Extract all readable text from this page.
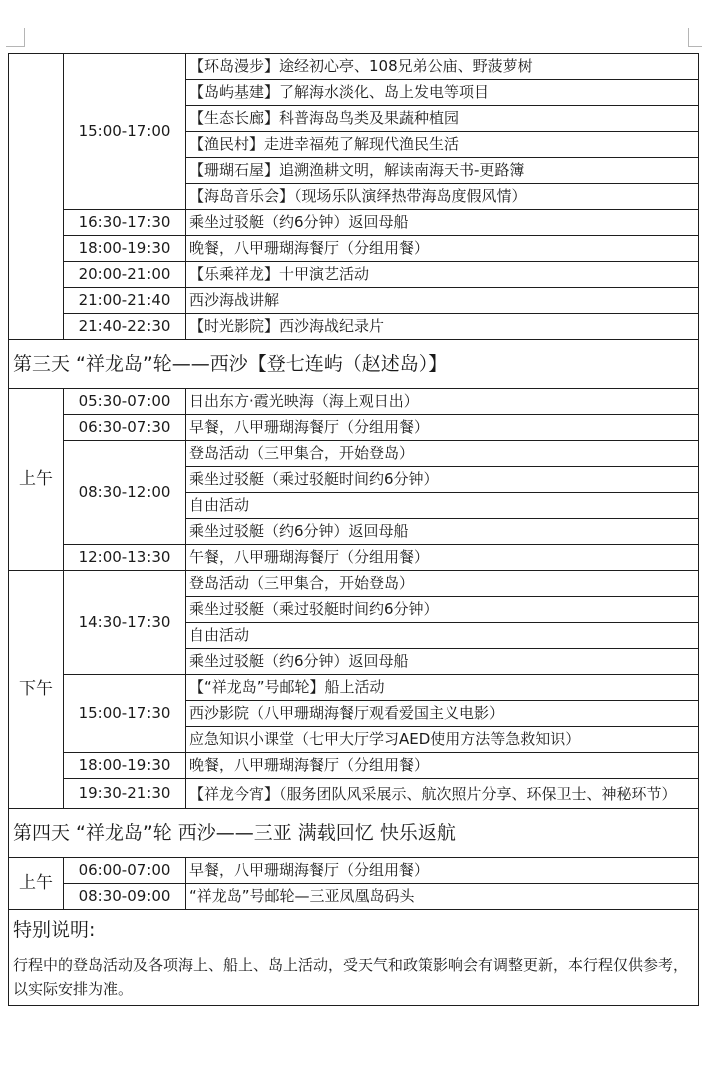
	15:00-17:00	【环岛漫步】途经初心亭、108兄弟公庙、野菠萝树
		【岛屿基建】了解海水淡化、岛上发电等项目
		【生态长廊】科普海岛鸟类及果蔬种植园
		【渔民村】走进幸福苑了解现代渔民生活
		【珊瑚石屋】追溯渔耕文明，解读南海天书-更路簿
		【海岛音乐会】（现场乐队演绎热带海岛度假风情）
	16:30-17:30	乘坐过驳艇（约6分钟）返回母船
	18:00-19:30	晚餐，八甲珊瑚海餐厅（分组用餐）
	20:00-21:00	【乐乘祥龙】十甲演艺活动
	21:00-21:40	西沙海战讲解
	21:40-22:30	【时光影院】西沙海战纪录片
第三天 “祥龙岛”轮——西沙【登七连屿（赵述岛）】		
上午	05:30-07:00	日出东方·霞光映海（海上观日出）
	06:30-07:30	早餐，八甲珊瑚海餐厅（分组用餐）
	08:30-12:00	登岛活动（三甲集合，开始登岛）
		乘坐过驳艇（乘过驳艇时间约6分钟）
		自由活动
		乘坐过驳艇（约6分钟）返回母船
	12:00-13:30	午餐，八甲珊瑚海餐厅（分组用餐）
下午	14:30-17:30	登岛活动（三甲集合，开始登岛）
		乘坐过驳艇（乘过驳艇时间约6分钟）
		自由活动
		乘坐过驳艇（约6分钟）返回母船
	15:00-17:30	【“祥龙岛”号邮轮】船上活动
		西沙影院（八甲珊瑚海餐厅观看爱国主义电影）
		应急知识小课堂（七甲大厅学习AED使用方法等急救知识）
	18:00-19:30	晚餐，八甲珊瑚海餐厅（分组用餐）
	19:30-21:30	【祥龙今宵】（服务团队风采展示、航次照片分享、环保卫士、神秘环节）
第四天 “祥龙岛”轮 西沙——三亚 满载回忆 快乐返航		
上午	06:00-07:00	早餐，八甲珊瑚海餐厅（分组用餐）
	08:30-09:00	“祥龙岛”号邮轮—三亚凤凰岛码头
特别说明:		
行程中的登岛活动及各项海上、船上、岛上活动，受天气和政策影响会有调整更新，本行程仅供参考，以实际安排为准。		
